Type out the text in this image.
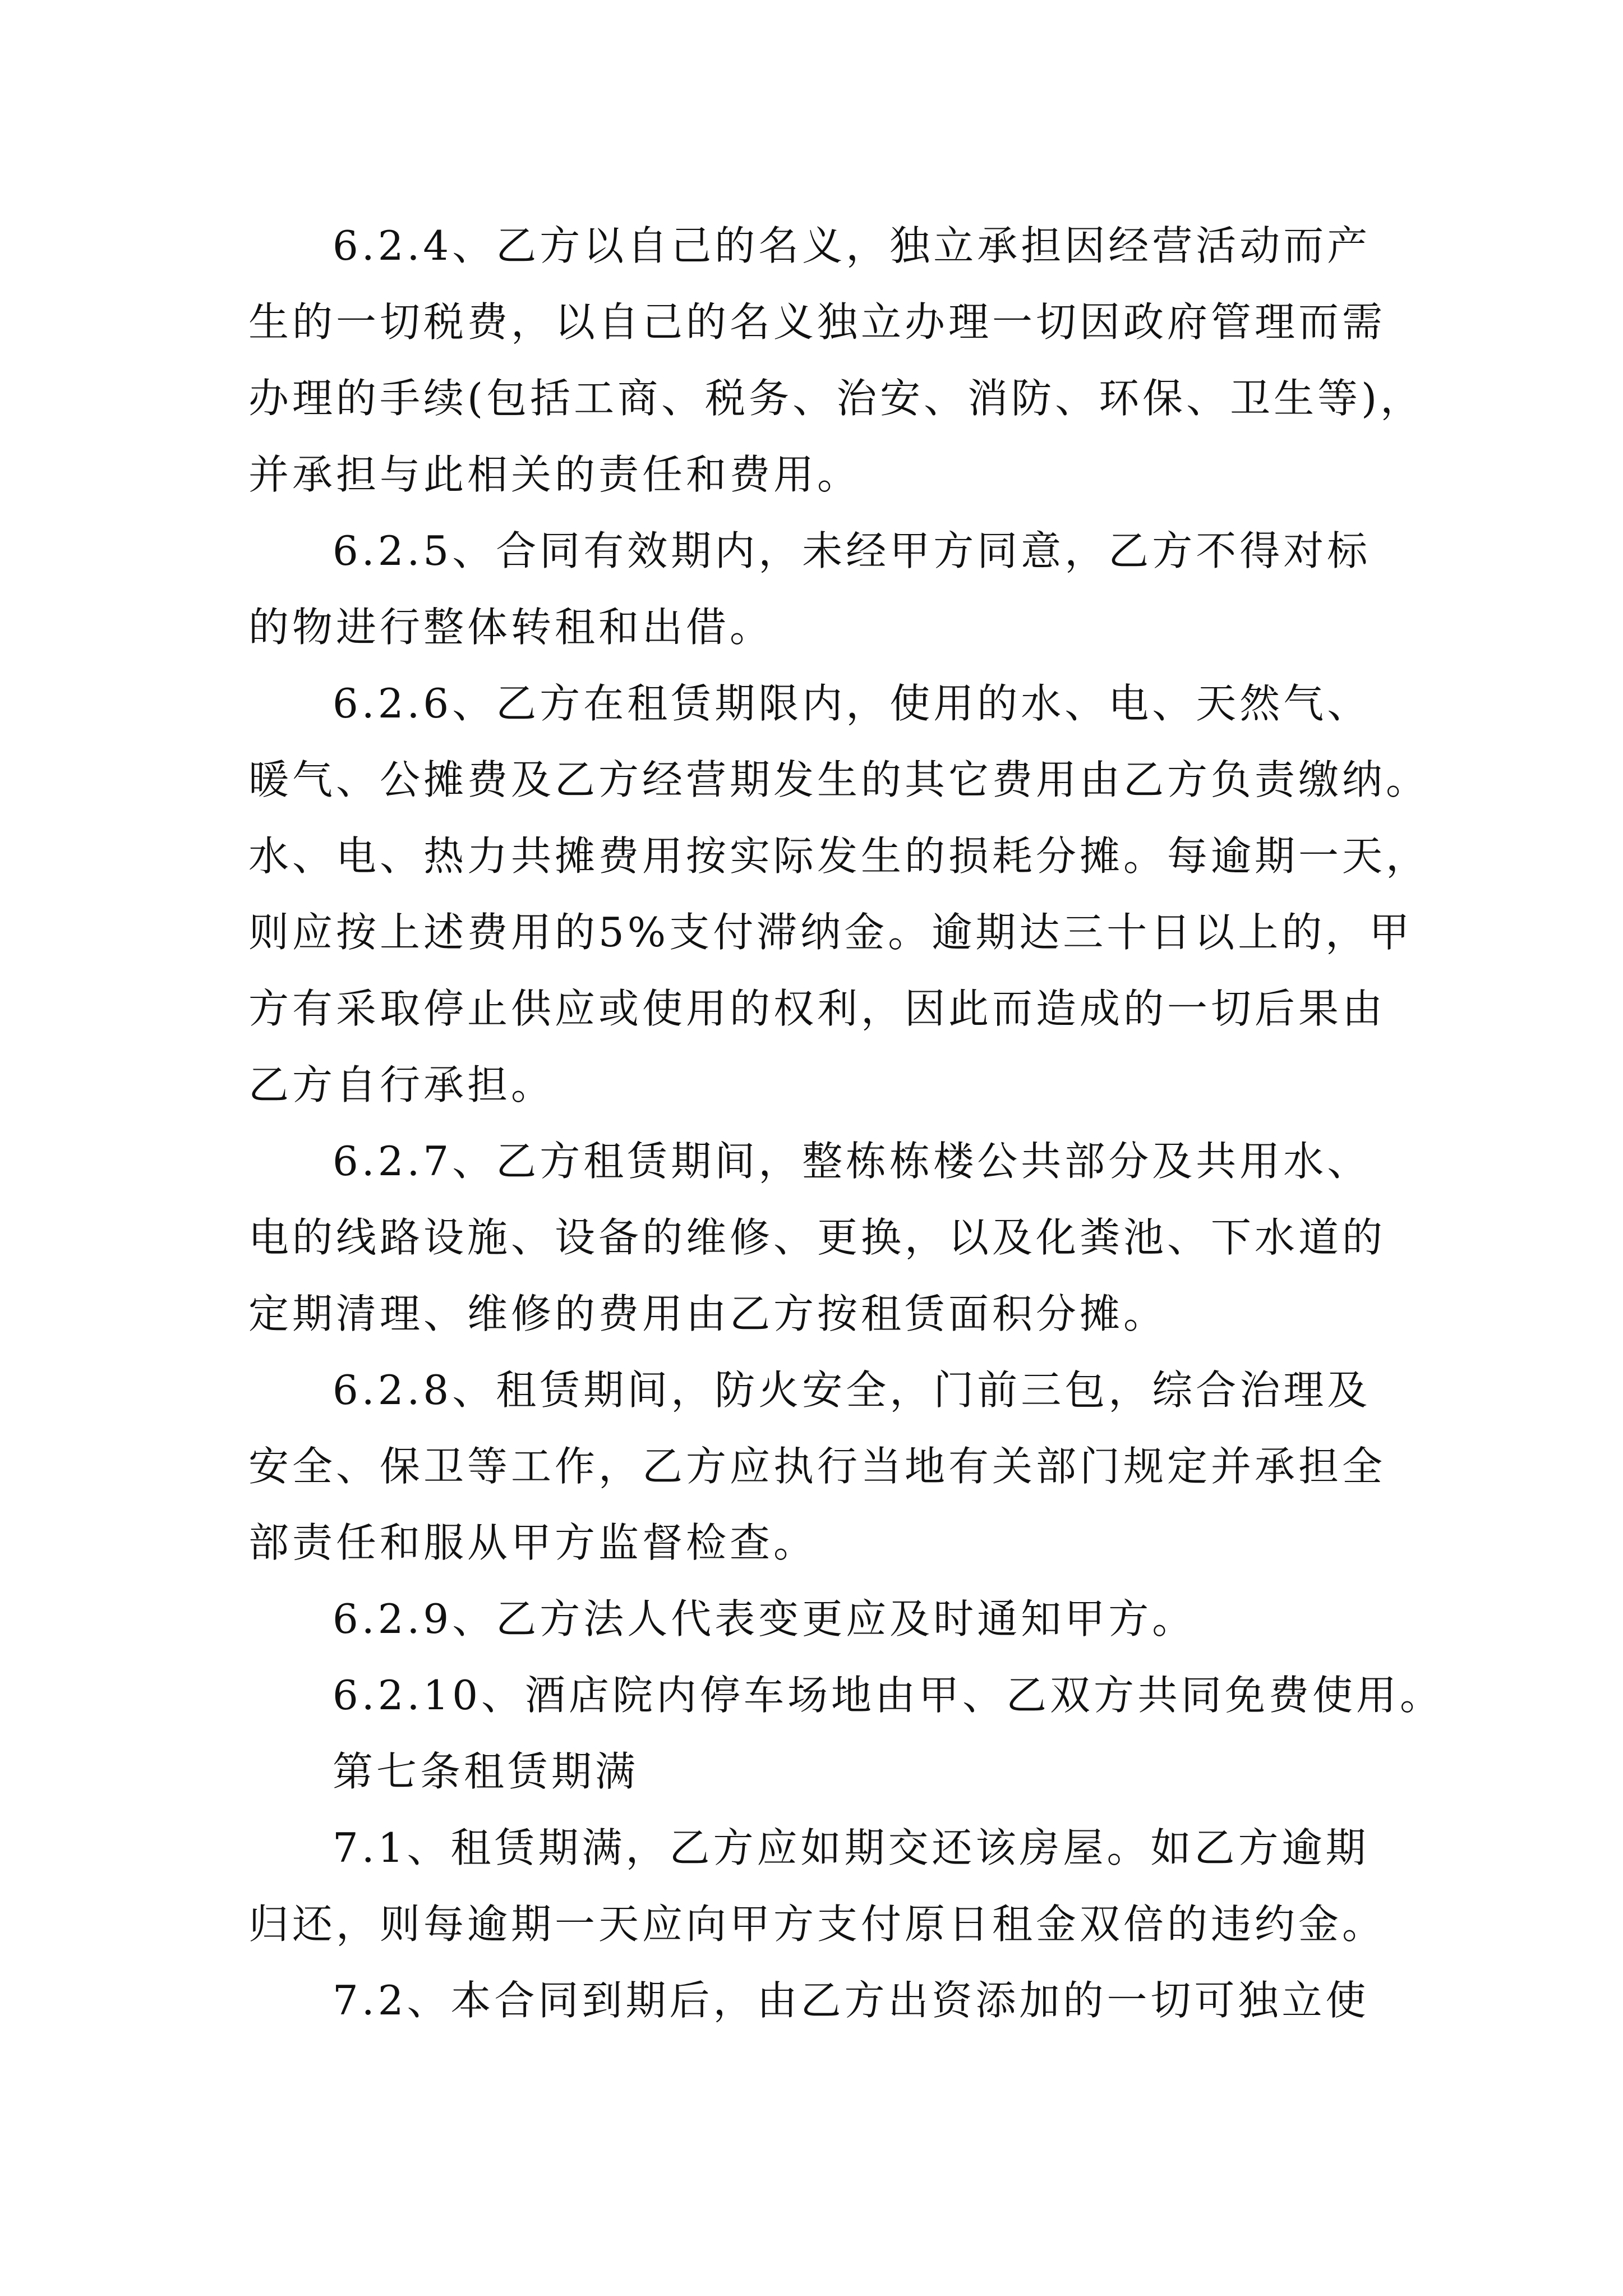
6.2.4、乙方以自己的名义，独立承担因经营活动而产
生的一切税费，以自己的名义独立办理一切因政府管理而需
办理的手续(包括工商、税务、治安、消防、环保、卫生等)，
并承担与此相关的责任和费用。
6.2.5、合同有效期内，未经甲方同意，乙方不得对标
的物进行整体转租和出借。
6.2.6、乙方在租赁期限内，使用的水、电、天然气、
暖气、公摊费及乙方经营期发生的其它费用由乙方负责缴纳。
水、电、热力共摊费用按实际发生的损耗分摊。每逾期一天，
则应按上述费用的5%支付滞纳金。逾期达三十日以上的，甲
方有采取停止供应或使用的权利，因此而造成的一切后果由
乙方自行承担。
6.2.7、乙方租赁期间，整栋栋楼公共部分及共用水、
电的线路设施、设备的维修、更换，以及化粪池、下水道的
定期清理、维修的费用由乙方按租赁面积分摊。
6.2.8、租赁期间，防火安全，门前三包，综合治理及
安全、保卫等工作，乙方应执行当地有关部门规定并承担全
部责任和服从甲方监督检查。
6.2.9、乙方法人代表变更应及时通知甲方。
6.2.10、酒店院内停车场地由甲、乙双方共同免费使用。
第七条租赁期满
7.1、租赁期满，乙方应如期交还该房屋。如乙方逾期
归还，则每逾期一天应向甲方支付原日租金双倍的违约金。
7.2、本合同到期后，由乙方出资添加的一切可独立使
